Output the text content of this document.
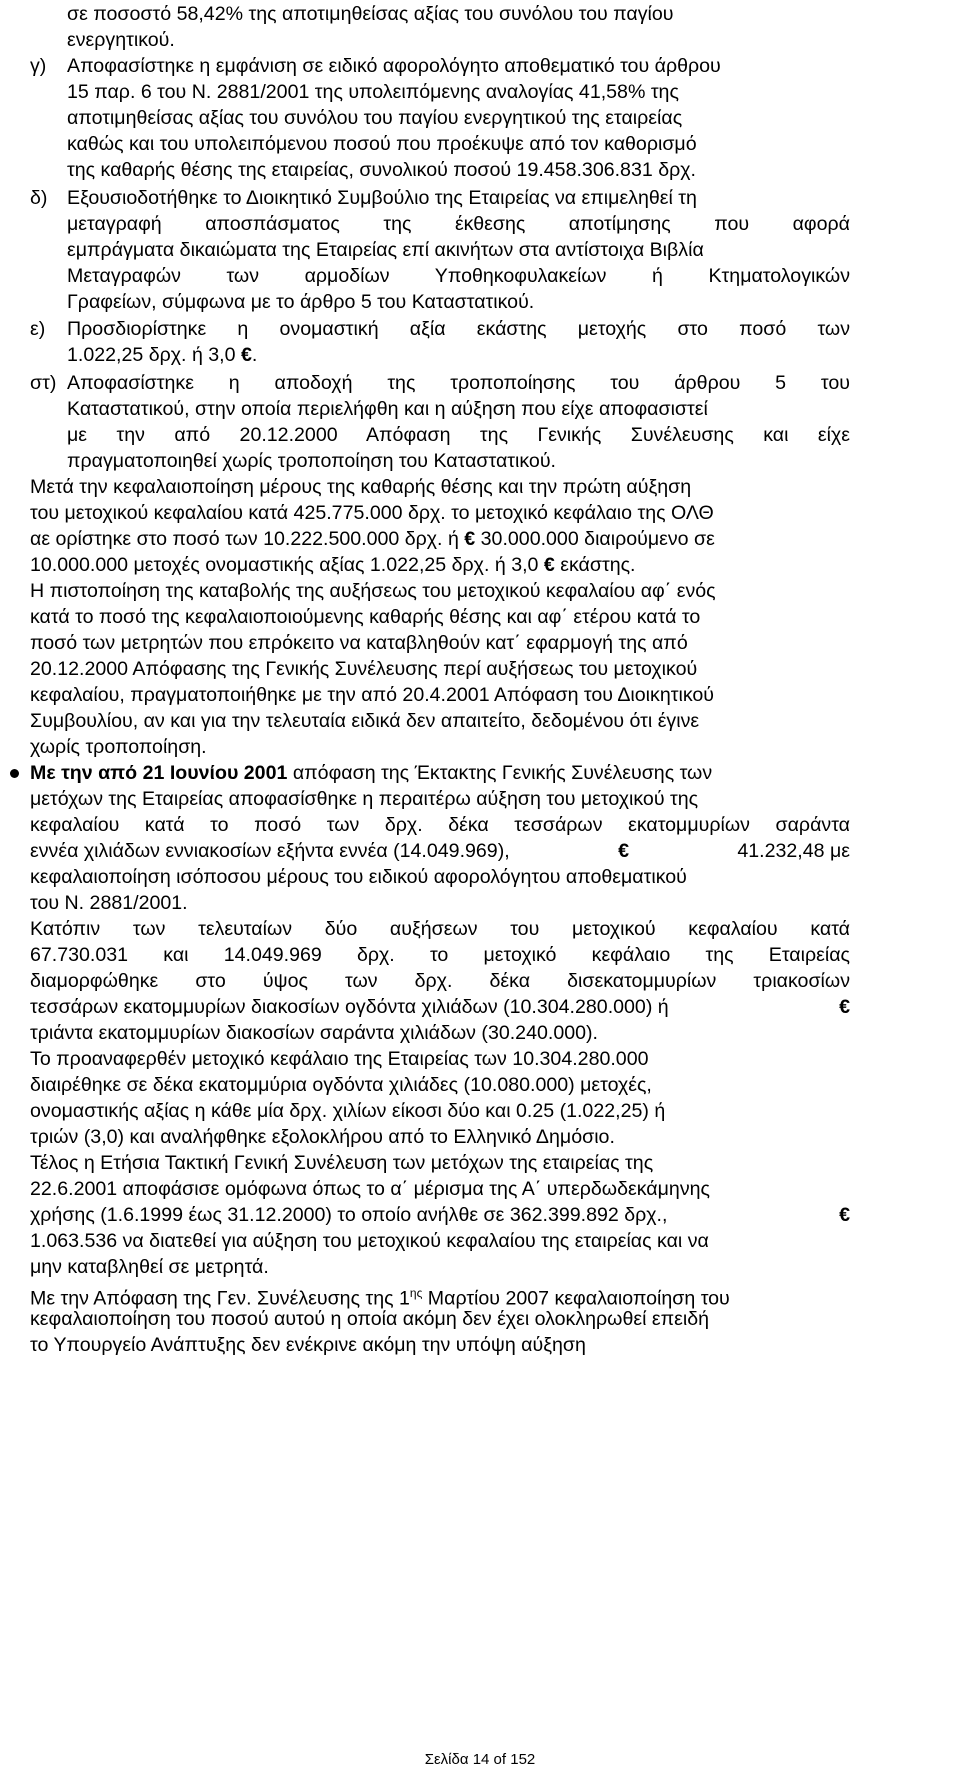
σε ποσοστό 58,42% της αποτιμηθείσας αξίας του συνόλου του παγίου
ενεργητικού.
γ) Αποφασίστηκε η εμφάνιση σε ειδικό αφορολόγητο αποθεματικό του άρθρου
15 παρ. 6 του Ν. 2881/2001 της υπολειπόμενης αναλογίας 41,58% της
αποτιμηθείσας αξίας του συνόλου του παγίου ενεργητικού της εταιρείας
καθώς και του υπολειπόμενου ποσού που προέκυψε από τον καθορισμό
της καθαρής θέσης της εταιρείας, συνολικού ποσού 19.458.306.831 δρχ.
δ) Εξουσιοδοτήθηκε το Διοικητικό Συμβούλιο της Εταιρείας να επιμεληθεί τη
μεταγραφή αποσπάσματος της έκθεσης αποτίμησης που αφορά
εμπράγματα δικαιώματα της Εταιρείας επί ακινήτων στα αντίστοιχα Βιβλία
Μεταγραφών των αρμοδίων Υποθηκοφυλακείων ή Κτηματολογικών
Γραφείων, σύμφωνα με το άρθρο 5 του Καταστατικού.
ε) Προσδιορίστηκε η ονομαστική αξία εκάστης μετοχής στο ποσό των
1.022,25 δρχ. ή 3,0 €.
στ) Αποφασίστηκε η αποδοχή της τροποποίησης του άρθρου 5 του
Καταστατικού, στην οποία περιελήφθη και η αύξηση που είχε αποφασιστεί
με την από 20.12.2000 Απόφαση της Γενικής Συνέλευσης και είχε
πραγματοποιηθεί χωρίς τροποποίηση του Καταστατικού.
Μετά την κεφαλαιοποίηση μέρους της καθαρής θέσης και την πρώτη αύξηση
του μετοχικού κεφαλαίου κατά 425.775.000 δρχ. το μετοχικό κεφάλαιο της ΟΛΘ
αε ορίστηκε στο ποσό των 10.222.500.000 δρχ. ή € 30.000.000 διαιρούμενο σε
10.000.000 μετοχές ονομαστικής αξίας 1.022,25 δρχ. ή 3,0 € εκάστης.
Η πιστοποίηση της καταβολής της αυξήσεως του μετοχικού κεφαλαίου αφ΄ ενός
κατά το ποσό της κεφαλαιοποιούμενης καθαρής θέσης και αφ΄ ετέρου κατά το
ποσό των μετρητών που επρόκειτο να καταβληθούν κατ΄ εφαρμογή της από
20.12.2000 Απόφασης της Γενικής Συνέλευσης περί αυξήσεως του μετοχικού
κεφαλαίου, πραγματοποιήθηκε με την από 20.4.2001 Απόφαση του Διοικητικού
Συμβουλίου, αν και για την τελευταία ειδικά δεν απαιτείτο, δεδομένου ότι έγινε
χωρίς τροποποίηση.
Με την από 21 Ιουνίου 2001 απόφαση της Έκτακτης Γενικής Συνέλευσης των
μετόχων της Εταιρείας αποφασίσθηκε η περαιτέρω αύξηση του μετοχικού της
κεφαλαίου κατά το ποσό των δρχ. δέκα τεσσάρων εκατομμυρίων σαράντα
εννέα χιλιάδων εννιακοσίων εξήντα εννέα (14.049.969),	€	41.232,48 με
κεφαλαιοποίηση ισόποσου μέρους του ειδικού αφορολόγητου αποθεματικού
του Ν. 2881/2001.
Κατόπιν των τελευταίων δύο αυξήσεων του μετοχικού κεφαλαίου κατά
67.730.031 και 14.049.969 δρχ. το μετοχικό κεφάλαιο της Εταιρείας
διαμορφώθηκε στο ύψος των δρχ. δέκα δισεκατομμυρίων τριακοσίων
τεσσάρων εκατομμυρίων διακοσίων ογδόντα χιλιάδων (10.304.280.000) ή	€
τριάντα εκατομμυρίων διακοσίων σαράντα χιλιάδων (30.240.000).
Το προαναφερθέν μετοχικό κεφάλαιο της Εταιρείας των 10.304.280.000
διαιρέθηκε σε δέκα εκατομμύρια ογδόντα χιλιάδες (10.080.000) μετοχές,
ονομαστικής αξίας η κάθε μία δρχ. χιλίων είκοσι δύο και 0.25 (1.022,25) ή
τριών (3,0) και αναλήφθηκε εξολοκλήρου από το Ελληνικό Δημόσιο.
Τέλος η Ετήσια Τακτική Γενική Συνέλευση των μετόχων της εταιρείας της
22.6.2001 αποφάσισε ομόφωνα όπως το α΄ μέρισμα της Α΄ υπερδωδεκάμηνης
χρήσης (1.6.1999 έως 31.12.2000) το οποίο ανήλθε σε 362.399.892 δρχ.,	€
1.063.536 να διατεθεί για αύξηση του μετοχικού κεφαλαίου της εταιρείας και να
μην καταβληθεί σε μετρητά.
Με την Απόφαση της Γεν. Συνέλευσης της $1^{\eta\varsigma}$ Μαρτίου 2007 κεφαλαιοποίηση του
κεφαλαιοποίηση του ποσού αυτού η οποία ακόμη δεν έχει ολοκληρωθεί επειδή
το Υπουργείο Ανάπτυξης δεν ενέκρινε ακόμη την υπόψη αύξηση
Σελίδα 14 of 152
